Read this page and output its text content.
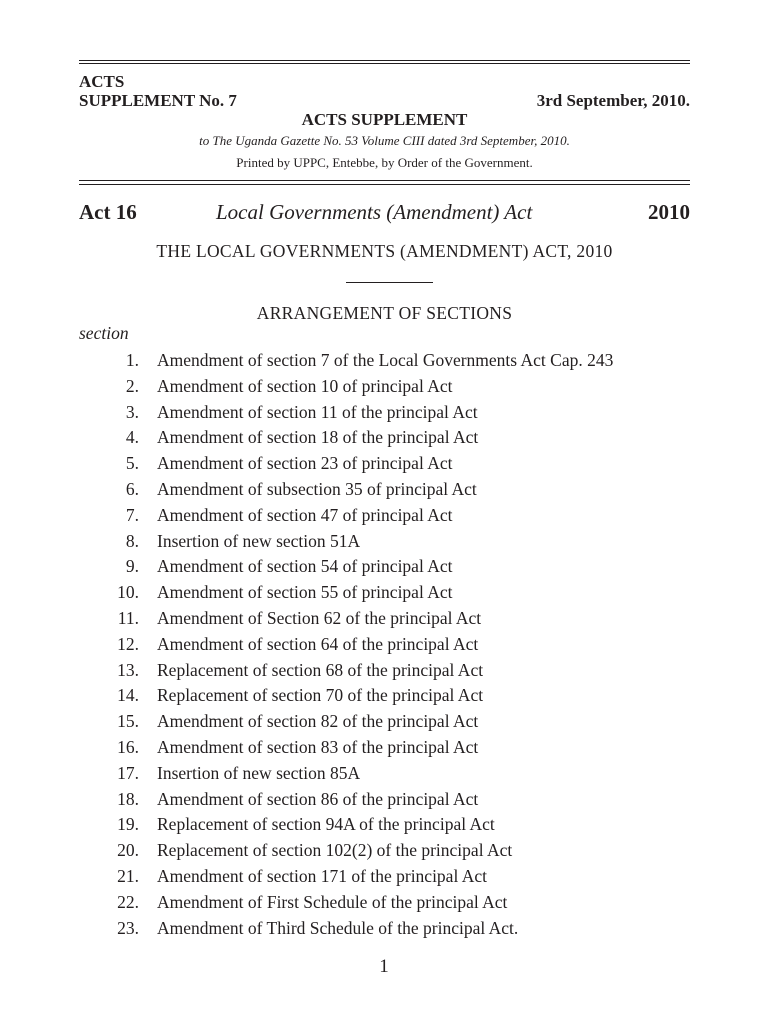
ACTS
SUPPLEMENT No. 7	3rd September, 2010.
ACTS SUPPLEMENT
to The Uganda Gazette No. 53 Volume CIII dated 3rd September, 2010.
Printed by UPPC, Entebbe, by Order of the Government.
Act 16	Local Governments (Amendment) Act	2010
THE LOCAL GOVERNMENTS (AMENDMENT) ACT, 2010
ARRANGEMENT OF SECTIONS
section
1. Amendment of section 7 of the Local Governments Act Cap. 243
2. Amendment of section 10 of principal Act
3. Amendment of section 11 of the principal Act
4. Amendment of section 18 of the principal Act
5. Amendment of section 23 of principal Act
6. Amendment of subsection 35 of principal Act
7. Amendment of section 47 of principal Act
8. Insertion of new section 51A
9. Amendment of section 54 of principal Act
10. Amendment of section 55 of principal Act
11. Amendment of Section 62 of the principal Act
12. Amendment of section 64 of the principal Act
13. Replacement of section 68 of the principal Act
14. Replacement of section 70 of the principal Act
15. Amendment of section 82 of the principal Act
16. Amendment of section 83 of the principal Act
17. Insertion of new section 85A
18. Amendment of section 86 of the principal Act
19. Replacement of section 94A of the principal Act
20. Replacement of section 102(2) of the principal Act
21. Amendment of section 171 of the principal Act
22. Amendment of First Schedule of the principal Act
23. Amendment of Third Schedule of the principal Act.
1
